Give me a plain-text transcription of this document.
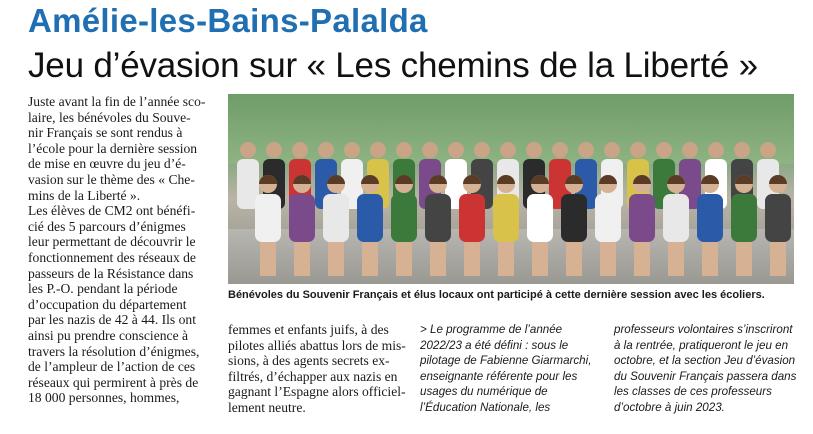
Amélie-les-Bains-Palalda
Jeu d’évasion sur « Les chemins de la Liberté »
Juste avant la fin de l’année sco-
laire, les bénévoles du Souve-
nir Français se sont rendus à
l’école pour la dernière session
de mise en œuvre du jeu d’é-
vasion sur le thème des « Che-
mins de la Liberté ».
Les élèves de CM2 ont bénéfi-
cié des 5 parcours d’énigmes
leur permettant de découvrir le
fonctionnement des réseaux de
passeurs de la Résistance dans
les P.-O. pendant la période
d’occupation du département
par les nazis de 42 à 44. Ils ont
ainsi pu prendre conscience à
travers la résolution d’énigmes,
de l’ampleur de l’action de ces
réseaux qui permirent à près de
18 000 personnes, hommes,
Bénévoles du Souvenir Français et élus locaux ont participé à cette dernière session avec les écoliers.
femmes et enfants juifs, à des
pilotes alliés abattus lors de mis-
sions, à des agents secrets ex-
filtrés, d’échapper aux nazis en
gagnant l’Espagne alors officiel-
lement neutre.
> Le programme de l’année
2022/23 a été défini : sous le
pilotage de Fabienne Giarmarchi,
enseignante référente pour les
usages du numérique de
l’Éducation Nationale, les
professeurs volontaires s’inscriront
à la rentrée, pratiqueront le jeu en
octobre, et la section Jeu d’évasion
du Souvenir Français passera dans
les classes de ces professeurs
d’octobre à juin 2023.
